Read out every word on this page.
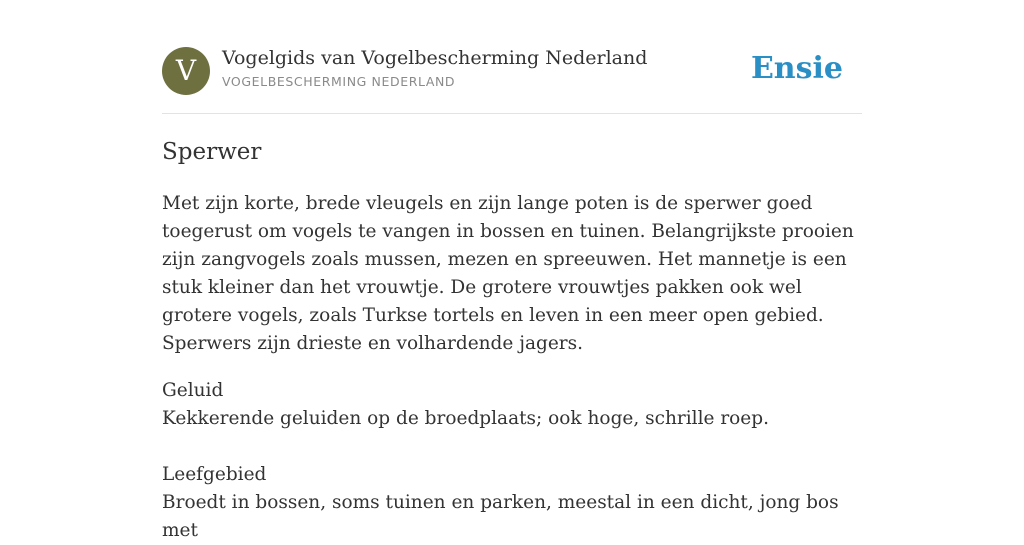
V	Vogelgids van Vogelbescherming Nederland
VOGELBESCHERMING NEDERLAND	Ensie
Sperwer

Met zijn korte, brede vleugels en zijn lange poten is de sperwer goed toegerust om vogels te vangen in bossen en tuinen. Belangrijkste prooien zijn zangvogels zoals mussen, mezen en spreeuwen. Het mannetje is een stuk kleiner dan het vrouwtje. De grotere vrouwtjes pakken ook wel grotere vogels, zoals Turkse tortels en leven in een meer open gebied. Sperwers zijn drieste en volhardende jagers.

Geluid
Kekkerende geluiden op de broedplaats; ook hoge, schrille roep.
Leefgebied
Broedt in bossen, soms tuinen en parken, meestal in een dicht, jong bos met
